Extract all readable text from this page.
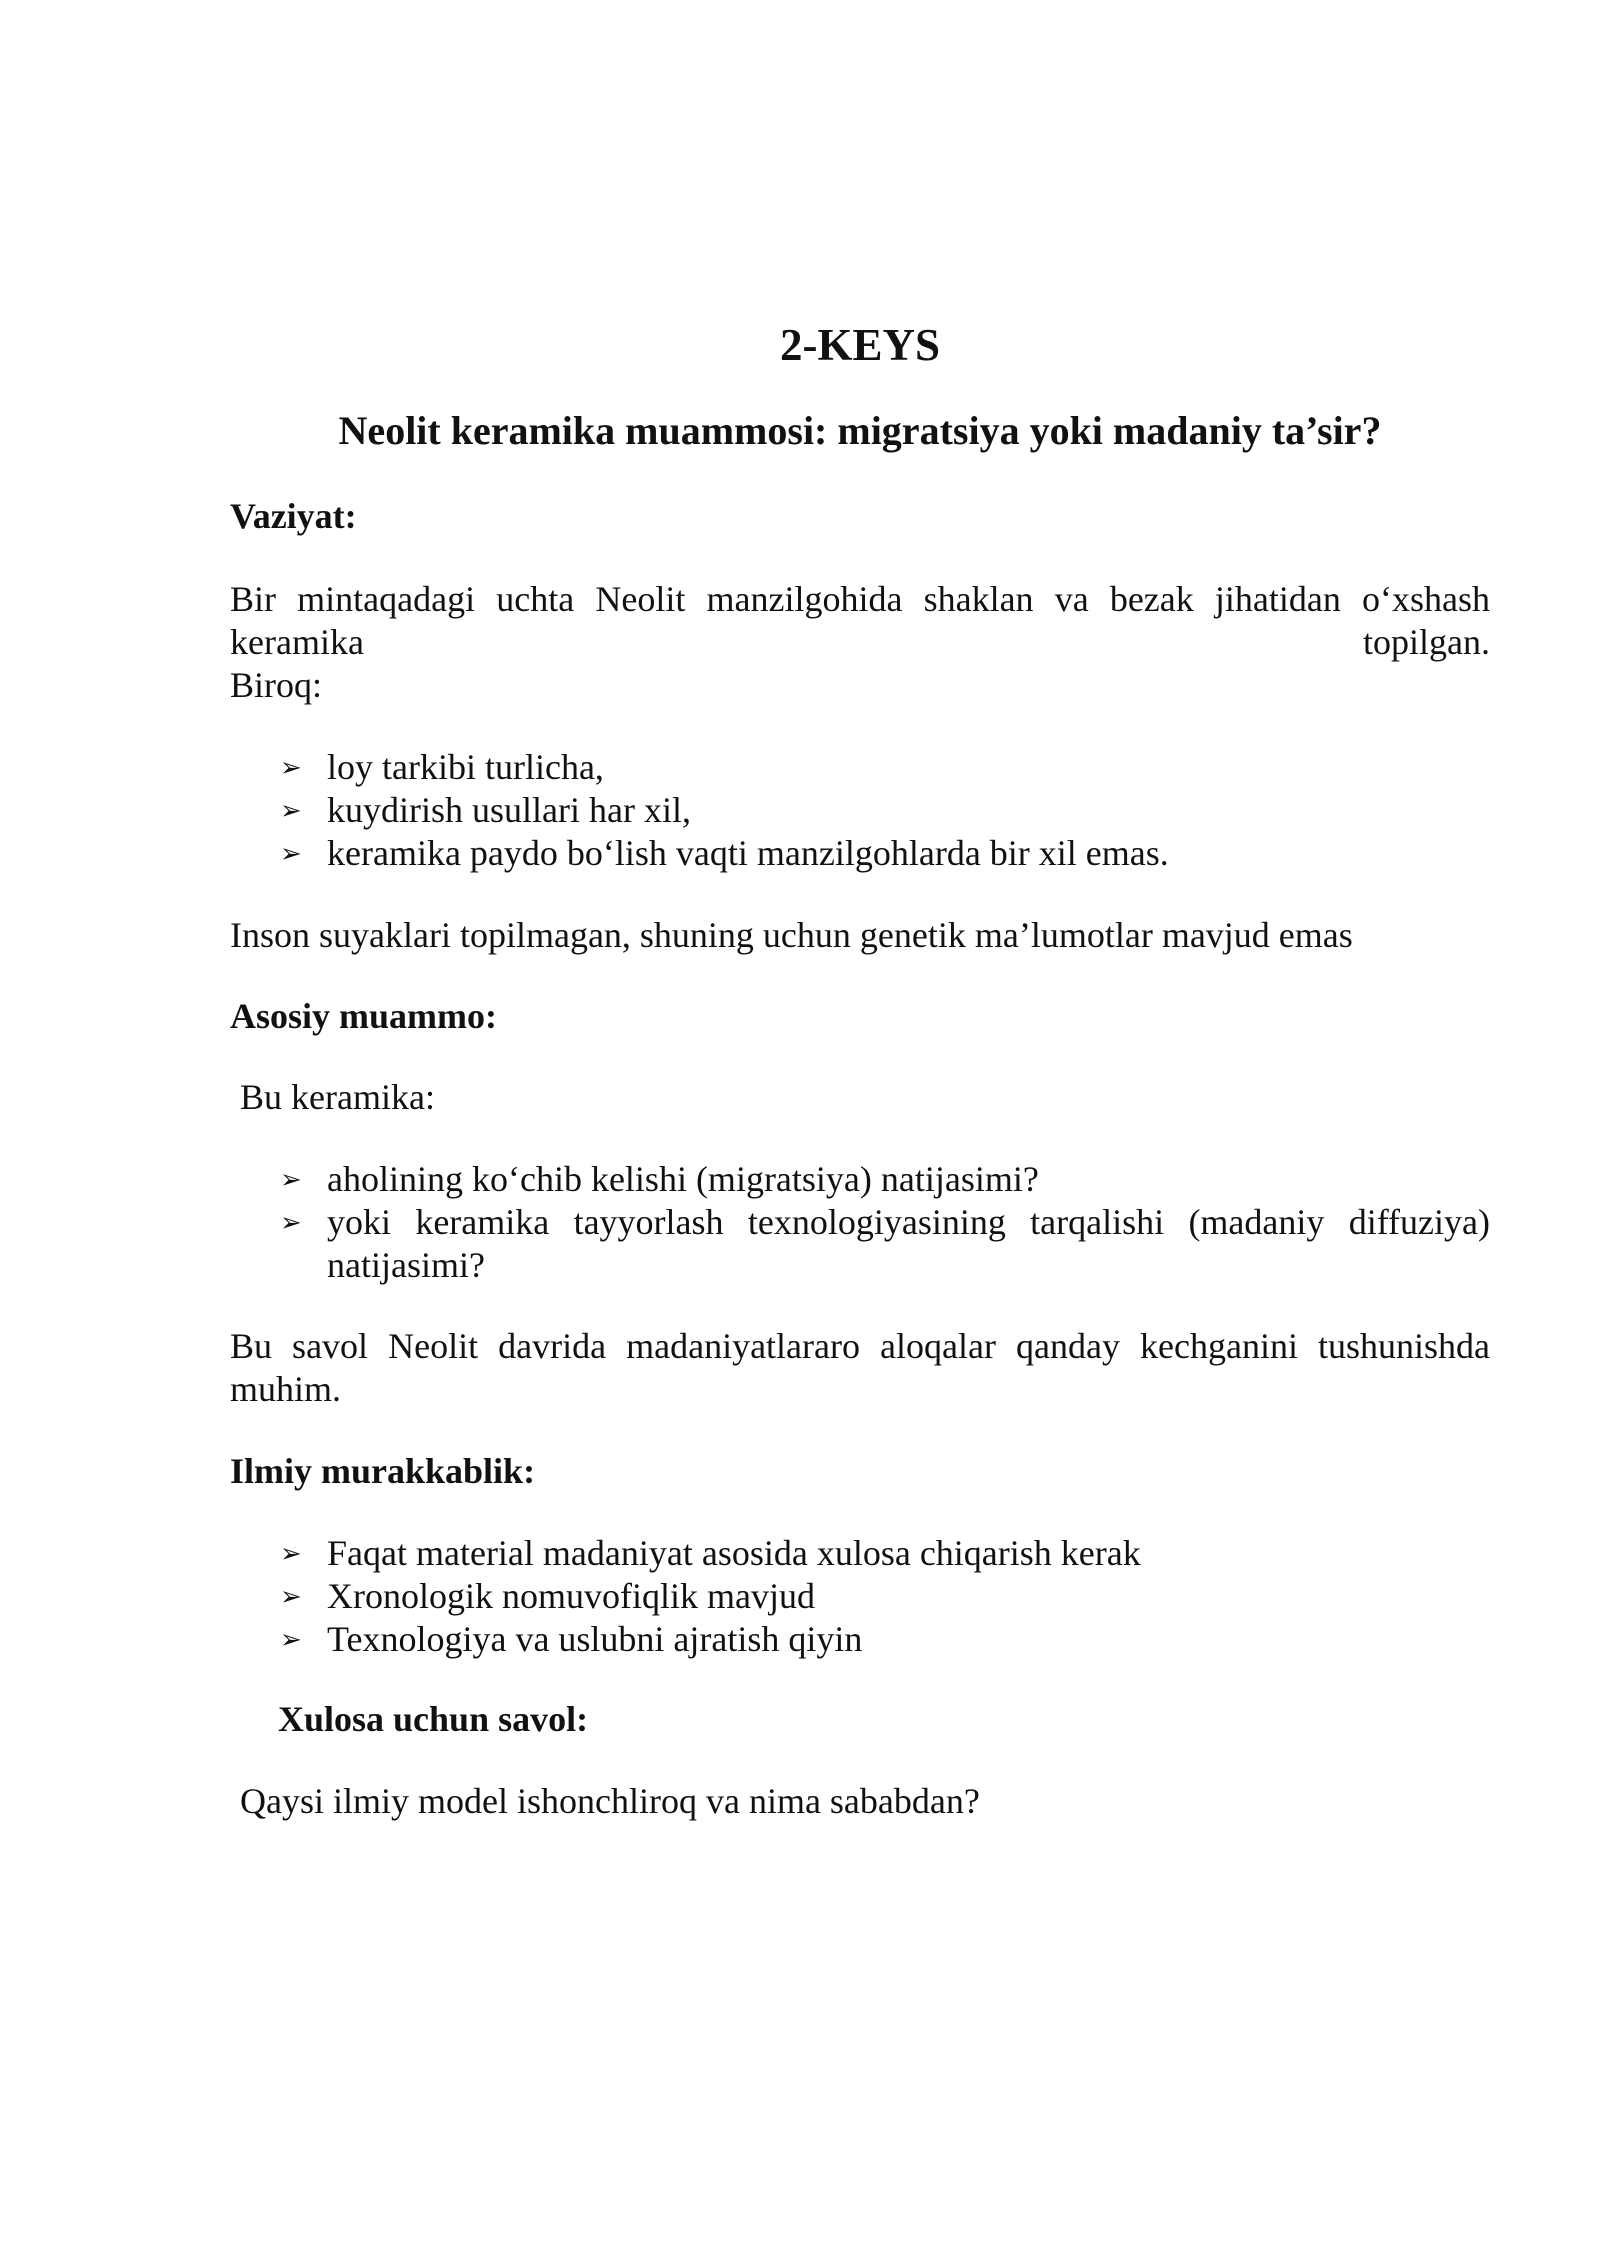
2-KEYS
Neolit keramika muammosi: migratsiya yoki madaniy ta’sir?

Vaziyat:

Bir mintaqadagi uchta Neolit manzilgohida shaklan va bezak jihatidan o‘xshash
keramika	topilgan.
Biroq:
➢ loy tarkibi turlicha,
➢ kuydirish usullari har xil,
➢ keramika paydo bo‘lish vaqti manzilgohlarda bir xil emas.

Inson suyaklari topilmagan, shuning uchun genetik ma’lumotlar mavjud emas

Asosiy muammo:

Bu keramika:

➢ aholining ko‘chib kelishi (migratsiya) natijasimi?
➢ yoki keramika tayyorlash texnologiyasining tarqalishi (madaniy diffuziya) natijasimi?

Bu savol Neolit davrida madaniyatlararo aloqalar qanday kechganini tushunishda muhim.

Ilmiy murakkablik:

➢ Faqat material madaniyat asosida xulosa chiqarish kerak
➢ Xronologik nomuvofiqlik mavjud
➢ Texnologiya va uslubni ajratish qiyin

Xulosa uchun savol:

Qaysi ilmiy model ishonchliroq va nima sababdan?
